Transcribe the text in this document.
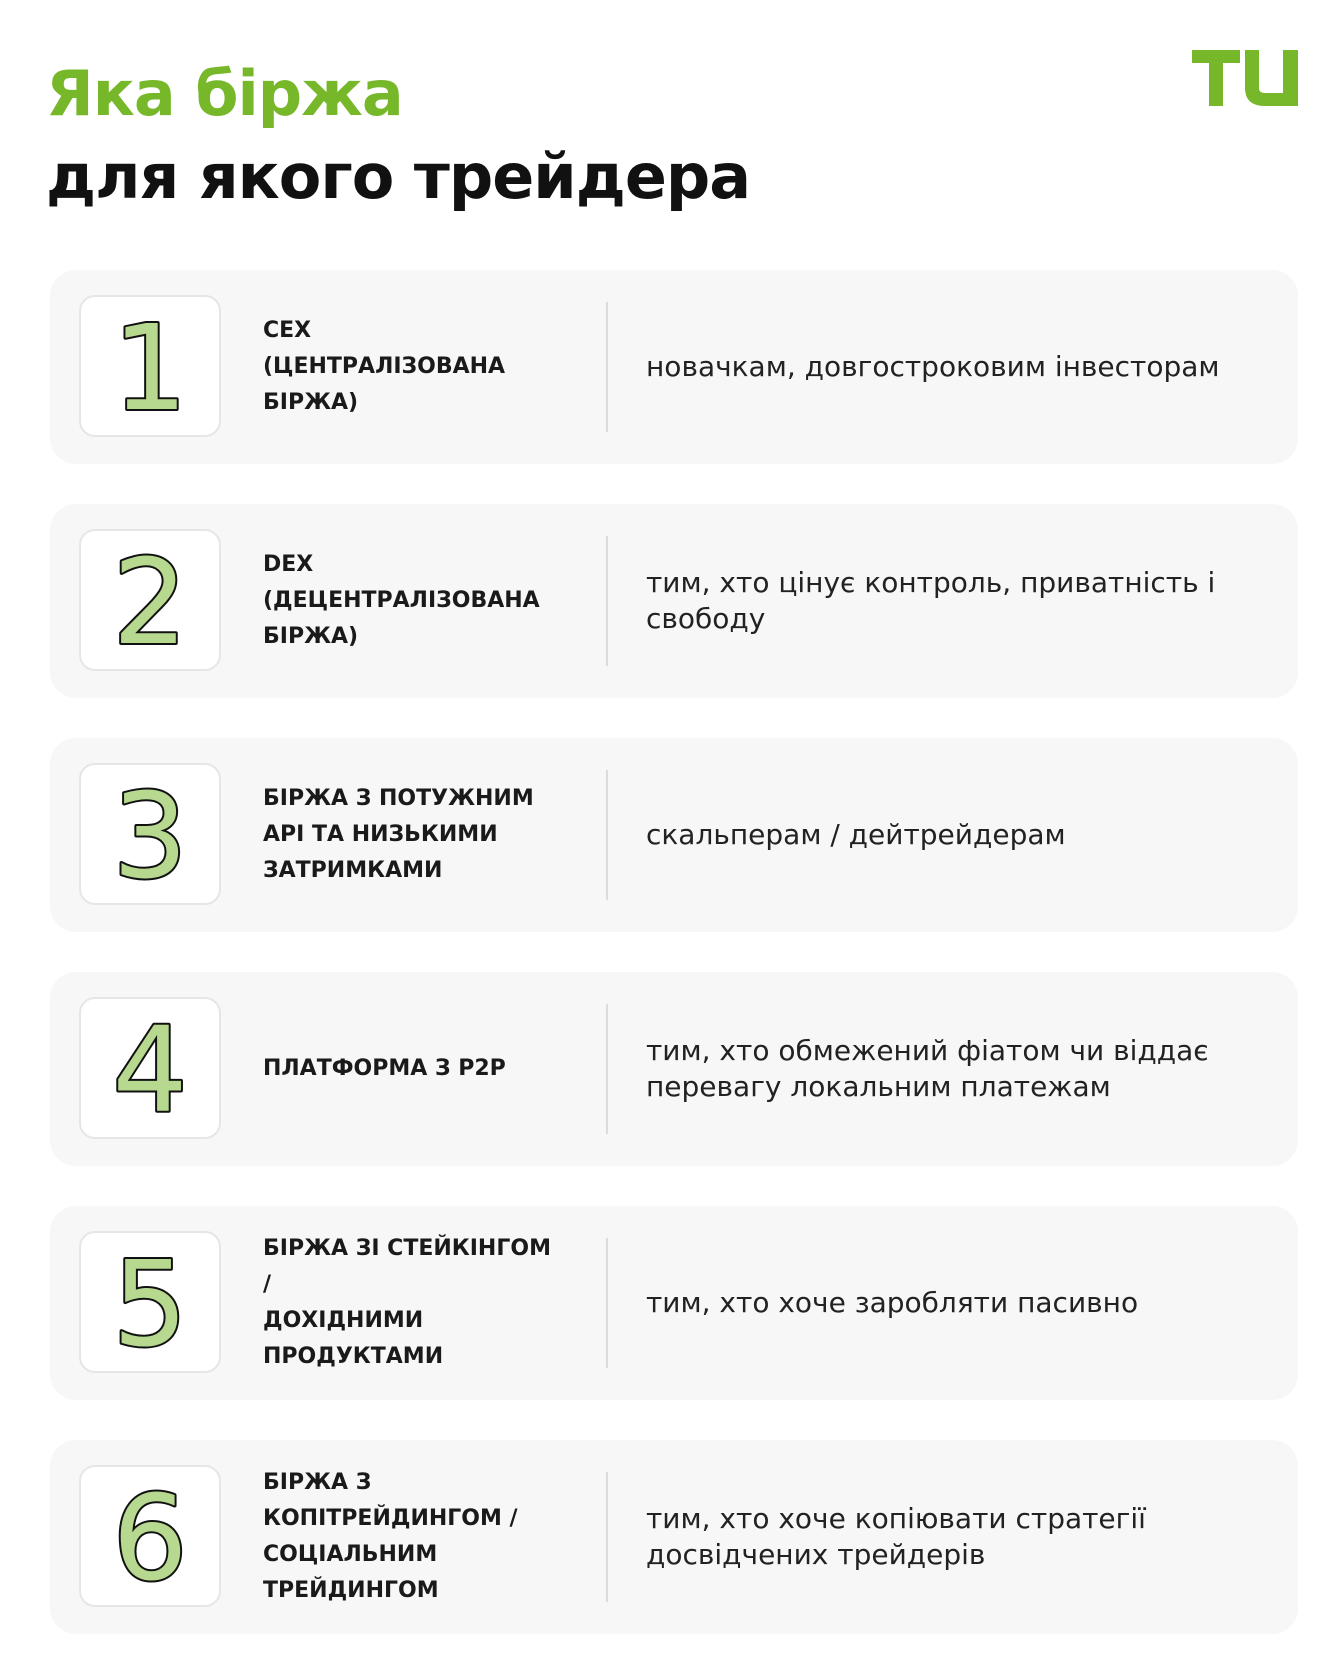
Яка біржа
для якого трейдера
1	CEX
(ЦЕНТРАЛІЗОВАНА
БІРЖА)
новачкам, довгостроковим інвесторам
2	DEX
(ДЕЦЕНТРАЛІЗОВАНА
БІРЖА)
тим, хто цінує контроль, приватність і свободу
3	БІРЖА З ПОТУЖНИМ
API ТА НИЗЬКИМИ
ЗАТРИМКАМИ
скальперам / дейтрейдерам
4	ПЛАТФОРМА З P2P
тим, хто обмежений фіатом чи віддає перевагу локальним платежам
5	БІРЖА ЗІ СТЕЙКІНГОМ /
ДОХІДНИМИ
ПРОДУКТАМИ
тим, хто хоче заробляти пасивно
6	БІРЖА З
КОПІТРЕЙДИНГОМ /
СОЦІАЛЬНИМ
ТРЕЙДИНГОМ
тим, хто хоче копіювати стратегії досвідчених трейдерів
